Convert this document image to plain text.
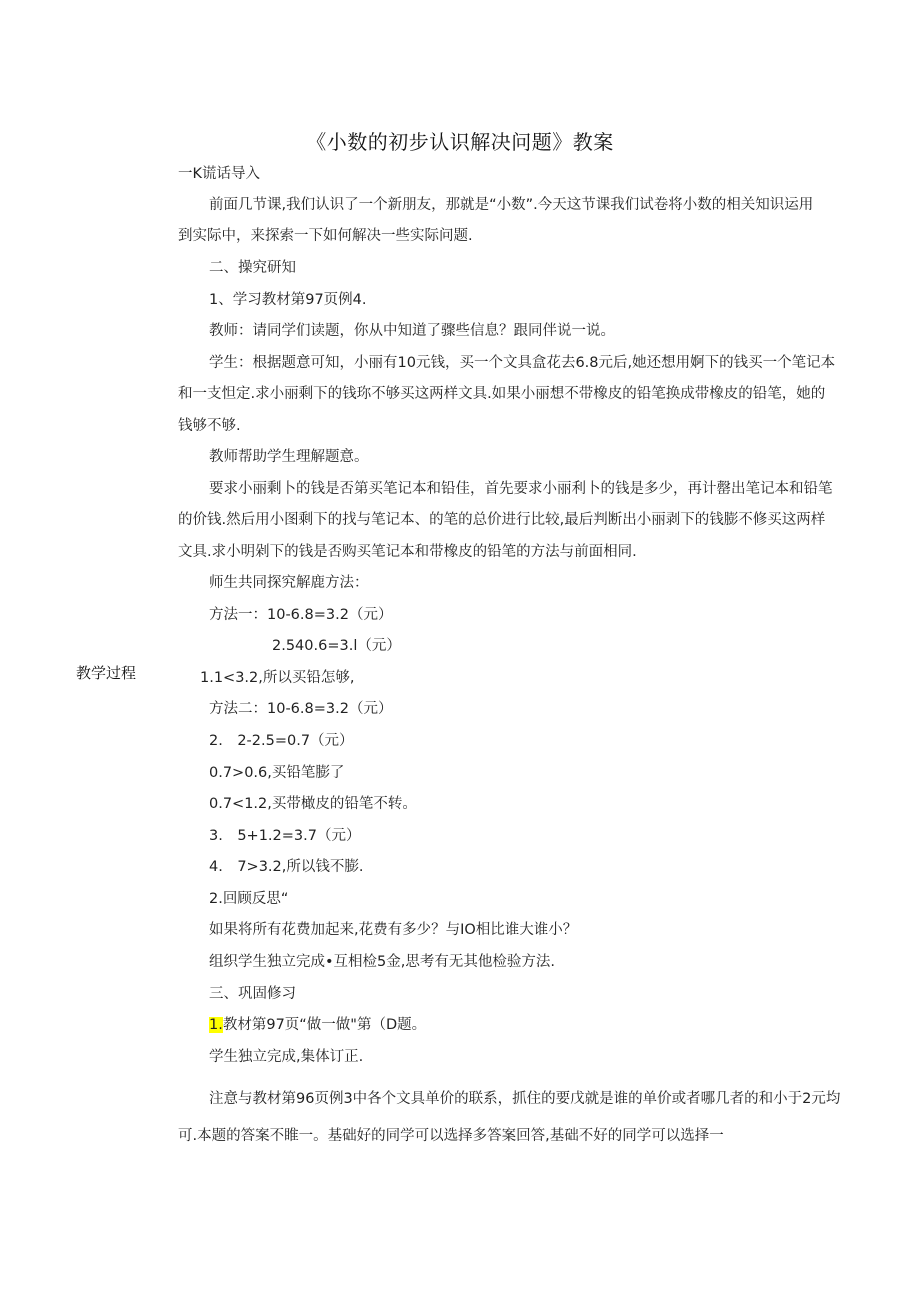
《小数的初步认识解决问题》教案
教学过程
一K谎话导入
前面几节课,我们认识了一个新朋友，那就是“小数”.今天这节课我们试卷将小数的相关知识运用
到实际中，来探索一下如何解决一些实际问题.
二、操究研知
1、学习教材第97页例4.
教师：请同学们读题，你从中知道了骤些信息？跟同伴说一说。
学生：根据题意可知，小丽有10元钱，买一个文具盒花去6.8元后,她还想用婀下的钱买一个笔记本
和一支怛定.求小丽剩下的钱珎不够买这两样文具.如果小丽想不带橡皮的铅笔换成带橡皮的铅笔，她的
钱够不够.
教师帮助学生理解题意。
要求小丽剩卜的钱是否第买笔记本和铅佳，首先要求小丽利卜的钱是多少，再计罄出笔记本和铅笔
的价钱.然后用小图剩下的找与笔记本、的笔的总价进行比较,最后判断出小丽剥下的钱膨不修买这两样
文具.求小明剁下的钱是否购买笔记本和带橡皮的铅笔的方法与前面相同.
师生共同探究解鹿方法：
方法一：10-6.8=3.2（元）
2.540.6=3.l（元）
1.1<3.2,所以买铅怎够,
方法二：10-6.8=3.2（元）
2.　2-2.5=0.7（元）
0.7>0.6,买铅笔膨了
0.7<1.2,买带橄皮的铅笔不转。
3.　5+1.2=3.7（元）
4.　7>3.2,所以钱不膨.
2.回顾反思“
如果将所有花费加起来,花费有多少？与IO相比谁大谁小？
组织学生独立完成•互相检5金,思考有无其他检验方法.
三、巩固修习
1.教材第97页“做一做"第（D题。
学生独立完成,集体订正.
注意与教材第96页例3中各个文具单价的联系，抓住的要戊就是谁的单价或者哪几者的和小于2元均
可.本题的答案不睢一。基础好的同学可以选择多答案回答,基础不好的同学可以选择一
